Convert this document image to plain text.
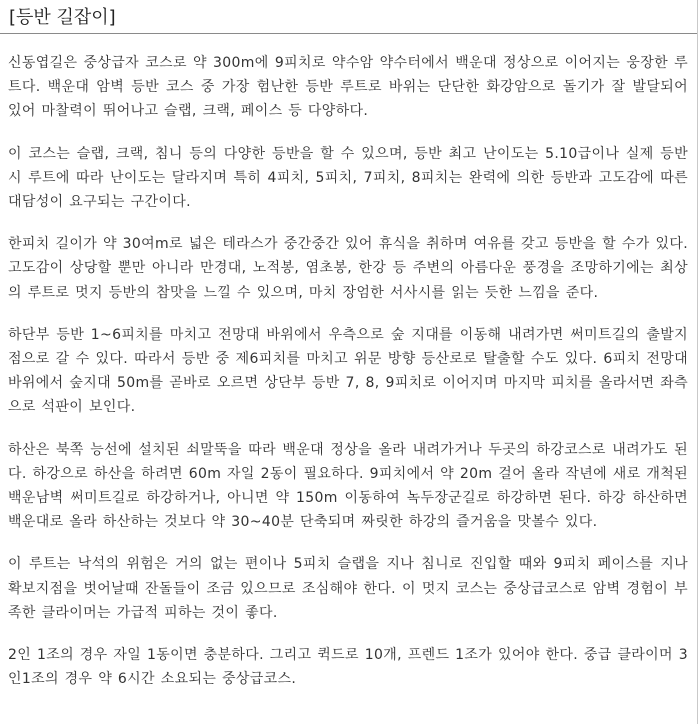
[등반 길잡이]

신동엽길은 중상급자 코스로 약 300m에 9피치로 약수암 약수터에서 백운대 정상으로 이어지는 웅장한 루트다. 백운대 암벽 등반 코스 중 가장 험난한 등반 루트로 바위는 단단한 화강암으로 돌기가 잘 발달되어 있어 마찰력이 뛰어나고 슬랩, 크랙, 페이스 등 다양하다.

이 코스는 슬랩, 크랙, 침니 등의 다양한 등반을 할 수 있으며, 등반 최고 난이도는 5.10급이나 실제 등반시 루트에 따라 난이도는 달라지며 특히 4피치, 5피치, 7피치, 8피치는 완력에 의한 등반과 고도감에 따른 대담성이 요구되는 구간이다.

한피치 길이가 약 30여m로 넓은 테라스가 중간중간 있어 휴식을 취하며 여유를 갖고 등반을 할 수가 있다. 고도감이 상당할 뿐만 아니라 만경대, 노적봉, 염초봉, 한강 등 주변의 아름다운 풍경을 조망하기에는 최상의 루트로 멋지 등반의 참맛을 느낄 수 있으며, 마치 장엄한 서사시를 읽는 듯한 느낌을 준다.

하단부 등반 1~6피치를 마치고 전망대 바위에서 우측으로 숲 지대를 이동해 내려가면 써미트길의 출발지점으로 갈 수 있다. 따라서 등반 중 제6피치를 마치고 위문 방향 등산로로 탈출할 수도 있다. 6피치 전망대 바위에서 숲지대 50m를 곧바로 오르면 상단부 등반 7, 8, 9피치로 이어지며 마지막 피치를 올라서면 좌측으로 석판이 보인다.

하산은 북쪽 능선에 설치된 쇠말뚝을 따라 백운대 정상을 올라 내려가거나 두곳의 하강코스로 내려가도 된다. 하강으로 하산을 하려면 60m 자일 2동이 필요하다. 9피치에서 약 20m 걸어 올라 작년에 새로 개척된 백운남벽 써미트길로 하강하거나, 아니면 약 150m 이동하여 녹두장군길로 하강하면 된다. 하강 하산하면 백운대로 올라 하산하는 것보다 약 30~40분 단축되며 짜릿한 하강의 즐거움을 맛볼수 있다.

이 루트는 낙석의 위험은 거의 없는 편이나 5피치 슬랩을 지나 침니로 진입할 때와 9피치 페이스를 지나 확보지점을 벗어날때 잔돌들이 조금 있으므로 조심해야 한다. 이 멋지 코스는 중상급코스로 암벽 경험이 부족한 클라이머는 가급적 피하는 것이 좋다.

2인 1조의 경우 자일 1동이면 충분하다. 그리고 퀵드로 10개, 프렌드 1조가 있어야 한다. 중급 클라이머 3인1조의 경우 약 6시간 소요되는 중상급코스.
